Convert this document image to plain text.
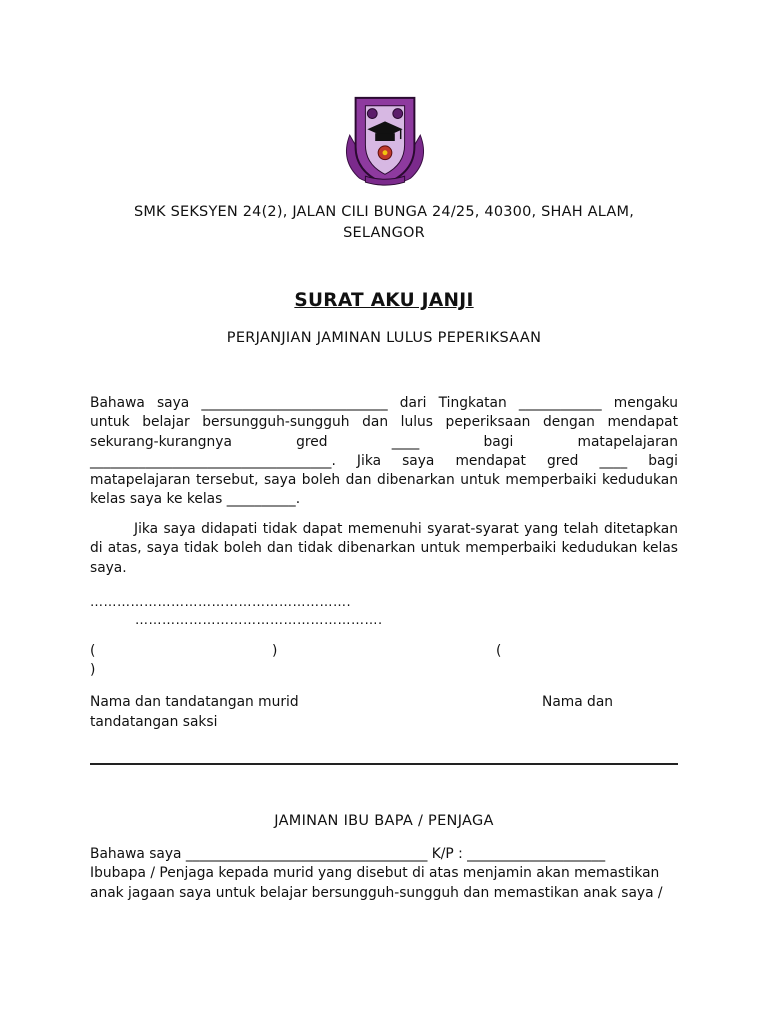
SMK SEKSYEN 24(2), JALAN CILI BUNGA 24/25, 40300, SHAH ALAM,
SELANGOR
SURAT AKU JANJI
PERJANJIAN JAMINAN LULUS PEPERIKSAAN
Bahawa saya ___________________________ dari Tingkatan ____________ mengaku
untuk belajar bersungguh-sungguh dan lulus peperiksaan dengan mendapat
sekurang-kurangnya gred ____ bagi matapelajaran
___________________________________. Jika saya mendapat gred ____ bagi
matapelajaran tersebut, saya boleh dan dibenarkan untuk memperbaiki kedudukan
kelas saya ke kelas __________.
Jika saya didapati tidak dapat memenuhi syarat-syarat yang telah ditetapkan di atas, saya tidak boleh dan tidak dibenarkan untuk memperbaiki kedudukan kelas saya.
………………………………………………….
……………………………………………….
(	)	(
)
Nama dan tandatangan murid	Nama dan
tandatangan saksi
JAMINAN IBU BAPA / PENJAGA
Bahawa saya ___________________________________ K/P : ____________________
Ibubapa / Penjaga kepada murid yang disebut di atas menjamin akan memastikan
anak jagaan saya untuk belajar bersungguh-sungguh dan memastikan anak saya /
